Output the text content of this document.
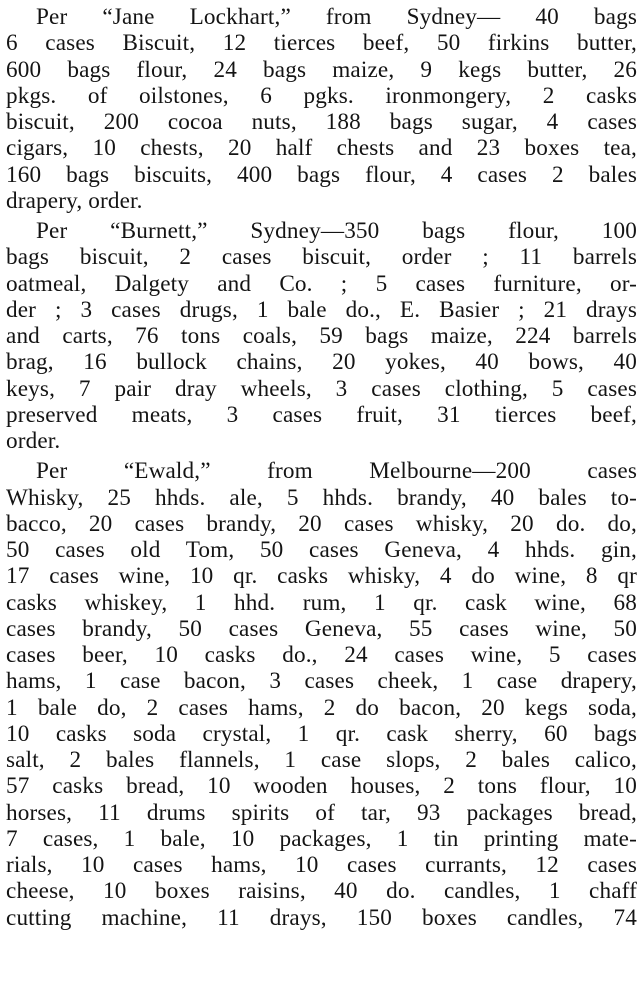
Per “Jane Lockhart,” from Sydney— 40 bags
6 cases Biscuit, 12 tierces beef, 50 firkins butter,
600 bags flour, 24 bags maize, 9 kegs butter, 26
pkgs. of oilstones, 6 pgks. ironmongery, 2 casks
biscuit, 200 cocoa nuts, 188 bags sugar, 4 cases
cigars, 10 chests, 20 half chests and 23 boxes tea,
160 bags biscuits, 400 bags flour, 4 cases 2 bales
drapery, order.
Per “Burnett,” Sydney—350 bags flour, 100
bags biscuit, 2 cases biscuit, order ; 11 barrels
oatmeal, Dalgety and Co. ; 5 cases furniture, or-
der ; 3 cases drugs, 1 bale do., E. Basier ; 21 drays
and carts, 76 tons coals, 59 bags maize, 224 barrels
brag, 16 bullock chains, 20 yokes, 40 bows, 40
keys, 7 pair dray wheels, 3 cases clothing, 5 cases
preserved meats, 3 cases fruit, 31 tierces beef,
order.
Per “Ewald,” from Melbourne—200 cases
Whisky, 25 hhds. ale, 5 hhds. brandy, 40 bales to-
bacco, 20 cases brandy, 20 cases whisky, 20 do. do,
50 cases old Tom, 50 cases Geneva, 4 hhds. gin,
17 cases wine, 10 qr. casks whisky, 4 do wine, 8 qr
casks whiskey, 1 hhd. rum, 1 qr. cask wine, 68
cases brandy, 50 cases Geneva, 55 cases wine, 50
cases beer, 10 casks do., 24 cases wine, 5 cases
hams, 1 case bacon, 3 cases cheek, 1 case drapery,
1 bale do, 2 cases hams, 2 do bacon, 20 kegs soda,
10 casks soda crystal, 1 qr. cask sherry, 60 bags
salt, 2 bales flannels, 1 case slops, 2 bales calico,
57 casks bread, 10 wooden houses, 2 tons flour, 10
horses, 11 drums spirits of tar, 93 packages bread,
7 cases, 1 bale, 10 packages, 1 tin printing mate-
rials, 10 cases hams, 10 cases currants, 12 cases
cheese, 10 boxes raisins, 40 do. candles, 1 chaff
cutting machine, 11 drays, 150 boxes candles, 74
